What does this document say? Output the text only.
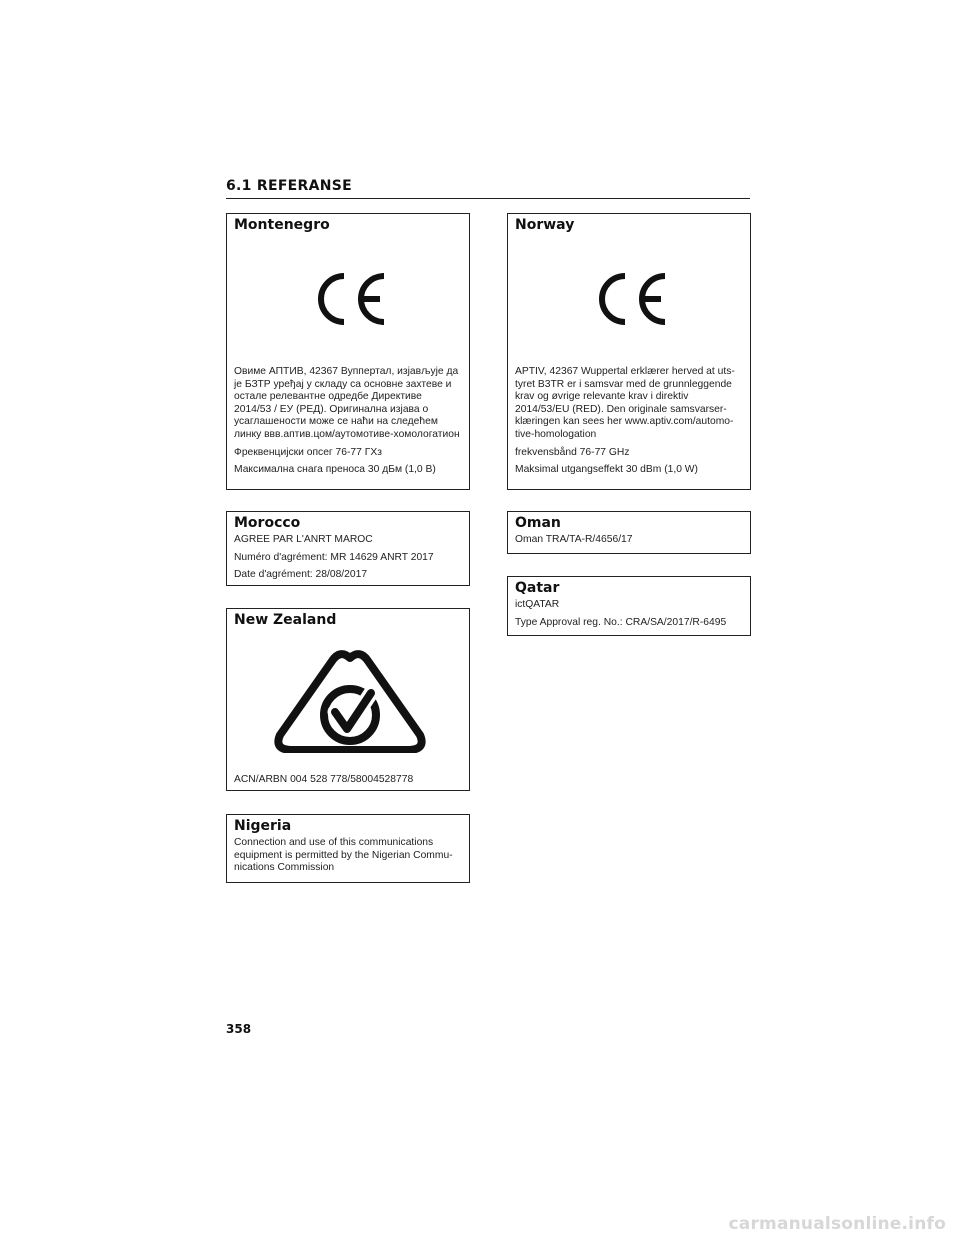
6.1 REFERANSE
Montenegro

Овиме АПТИВ, 42367 Вуппертал, изјављује да

је БЗТР уређај у складу са основне захтеве и

остале релевантне одредбе Директиве

2014/53 / ЕУ (РЕД). Оригинална изјава о

усаглашености може се наћи на следећем

линку ввв.аптив.цом/аутомотиве-хомологатион

Фреквенцијски опсег 76-77 ГХз

Максимална снага преноса 30 дБм (1,0 В)

Norway

APTIV, 42367 Wuppertal erklærer herved at uts-

tyret B3TR er i samsvar med de grunnleggende

krav og øvrige relevante krav i direktiv

2014/53/EU (RED). Den originale samsvarser-

klæringen kan sees her www.aptiv.com/automo-

tive-homologation

frekvensbånd 76-77 GHz

Maksimal utgangseffekt 30 dBm (1,0 W)

Morocco

AGREE PAR L'ANRT MAROC

Numéro d'agrément: MR 14629 ANRT 2017

Date d'agrément: 28/08/2017

Oman

Oman TRA/TA-R/4656/17

Qatar

ictQATAR

Type Approval reg. No.: CRA/SA/2017/R-6495

New Zealand

ACN/ARBN 004 528 778/58004528778

Nigeria

Connection and use of this communications

equipment is permitted by the Nigerian Commu-

nications Commission

358
carmanualsonline.info
